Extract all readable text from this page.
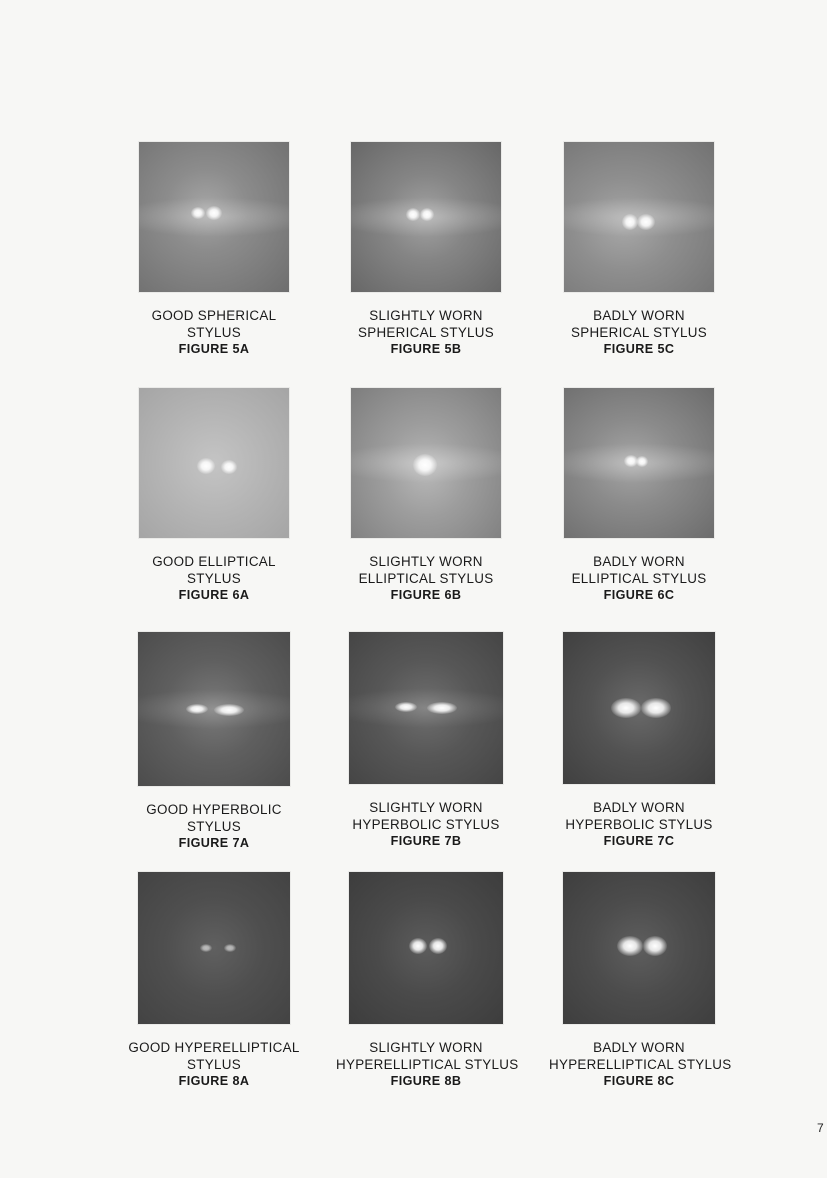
GOOD SPHERICAL
STYLUS
FIGURE 5A
SLIGHTLY WORN
SPHERICAL STYLUS
FIGURE 5B
BADLY WORN
SPHERICAL STYLUS
FIGURE 5C
GOOD ELLIPTICAL
STYLUS
FIGURE 6A
SLIGHTLY WORN
ELLIPTICAL STYLUS
FIGURE 6B
BADLY WORN
ELLIPTICAL STYLUS
FIGURE 6C
GOOD HYPERBOLIC
STYLUS
FIGURE 7A
SLIGHTLY WORN
HYPERBOLIC STYLUS
FIGURE 7B
BADLY WORN
HYPERBOLIC STYLUS
FIGURE 7C
GOOD HYPERELLIPTICAL
STYLUS
FIGURE 8A
SLIGHTLY WORN
HYPERELLIPTICAL STYLUS
FIGURE 8B
BADLY WORN
HYPERELLIPTICAL STYLUS
FIGURE 8C
7
